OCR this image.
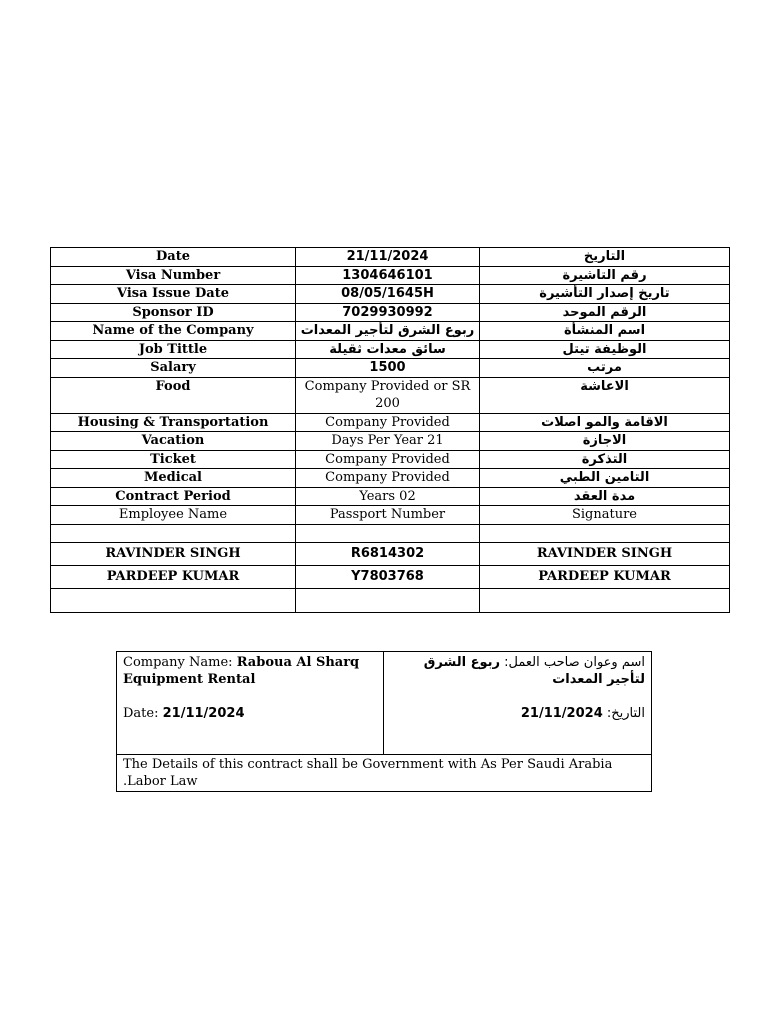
Date	21/11/2024	التاريخ
Visa Number	1304646101	رقم التاشيرة
Visa Issue Date	08/05/1645H	تاريخ إصدار التأشيرة
Sponsor ID	7029930992	الرقم الموحد
Name of the Company	ربوع الشرق لتأجير المعدات	اسم المنشأة
Job Tittle	سائق معدات ثقيلة	الوظيفة تيتل
Salary	1500	مرتب
Food	Company Provided or SR 200	الاعاشة
Housing & Transportation	Company Provided	الاقامة والمو اصلات
Vacation	Days Per Year 21	الاجازة
Ticket	Company Provided	التذكرة
Medical	Company Provided	التامين الطبي
Contract Period	Years 02	مدة العقد
Employee Name	Passport Number	Signature

RAVINDER SINGH	R6814302	RAVINDER SINGH
PARDEEP KUMAR	Y7803768	PARDEEP KUMAR

Company Name: Raboua Al Sharq Equipment Rental
Date: 21/11/2024

اسم وعوان صاحب العمل: ربوع الشرق لتأجير المعدات
التاريخ: 21/11/2024

The Details of this contract shall be Government with As Per Saudi Arabia .Labor Law
